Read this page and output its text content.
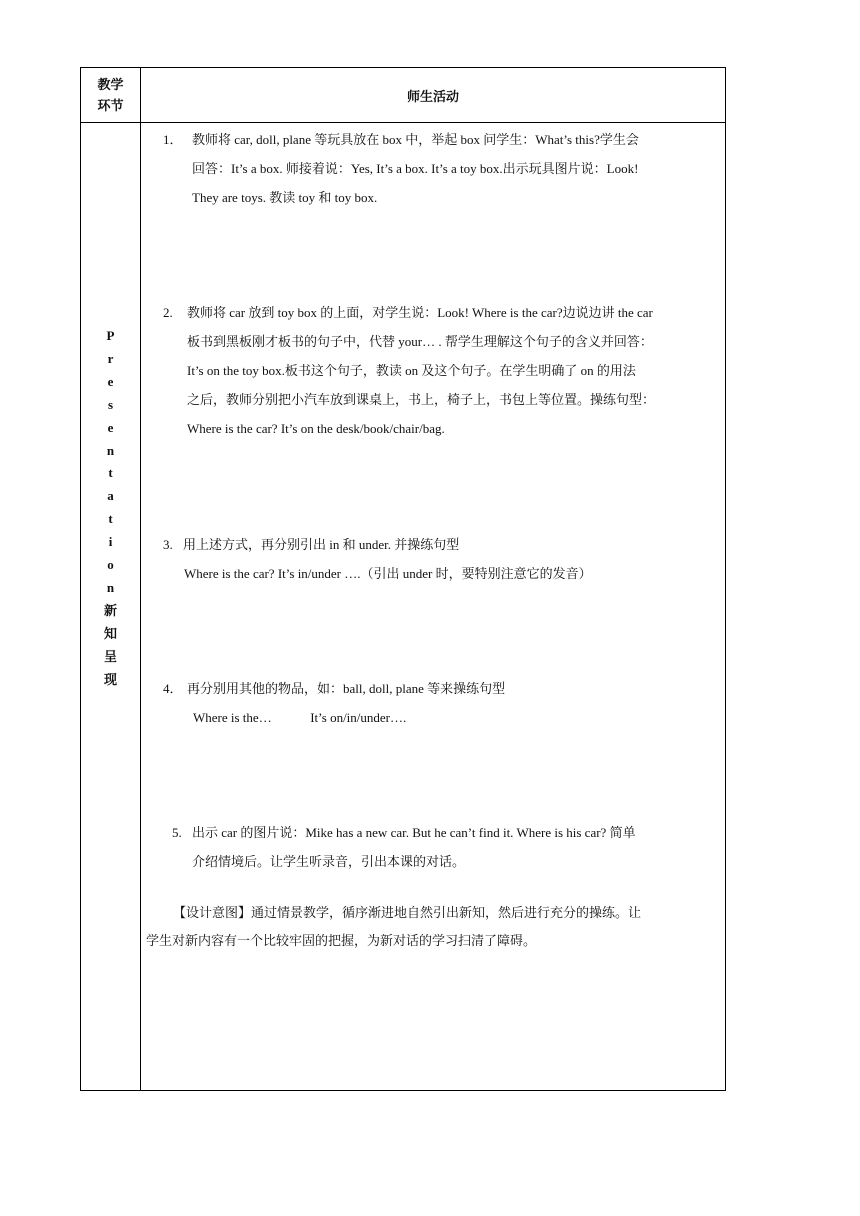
教学
环节
师生活动
P
r
e
s
e
n
t
a
t
i
o
n
新
知
呈
现
1． 教师将 car, doll, plane 等玩具放在 box 中，举起 box 问学生：What’s this?学生会
回答：It’s a box. 师接着说：Yes, It’s a box. It’s a toy box.出示玩具图片说：Look!
They are toys. 教读 toy 和 toy box.
2.	教师将 car 放到 toy box 的上面，对学生说：Look! Where is the car?边说边讲 the car
板书到黑板刚才板书的句子中，代替 your… . 帮学生理解这个句子的含义并回答：
It’s on the toy box.板书这个句子，教读 on 及这个句子。在学生明确了 on 的用法
之后，教师分别把小汽车放到课桌上，书上，椅子上，书包上等位置。操练句型：
Where is the car? It’s on the desk/book/chair/bag.
3. 用上述方式，再分别引出 in 和 under. 并操练句型
Where is the car? It’s in/under ….（引出 under 时，要特别注意它的发音）
4． 再分别用其他的物品，如：ball, doll, plane 等来操练句型
Where is the…	It’s on/in/under….
5. 出示 car 的图片说：Mike has a new car. But he can’t find it. Where is his car? 简单
介绍情境后。让学生听录音，引出本课的对话。
【设计意图】通过情景教学，循序渐进地自然引出新知，然后进行充分的操练。让
学生对新内容有一个比较牢固的把握，为新对话的学习扫清了障碍。
